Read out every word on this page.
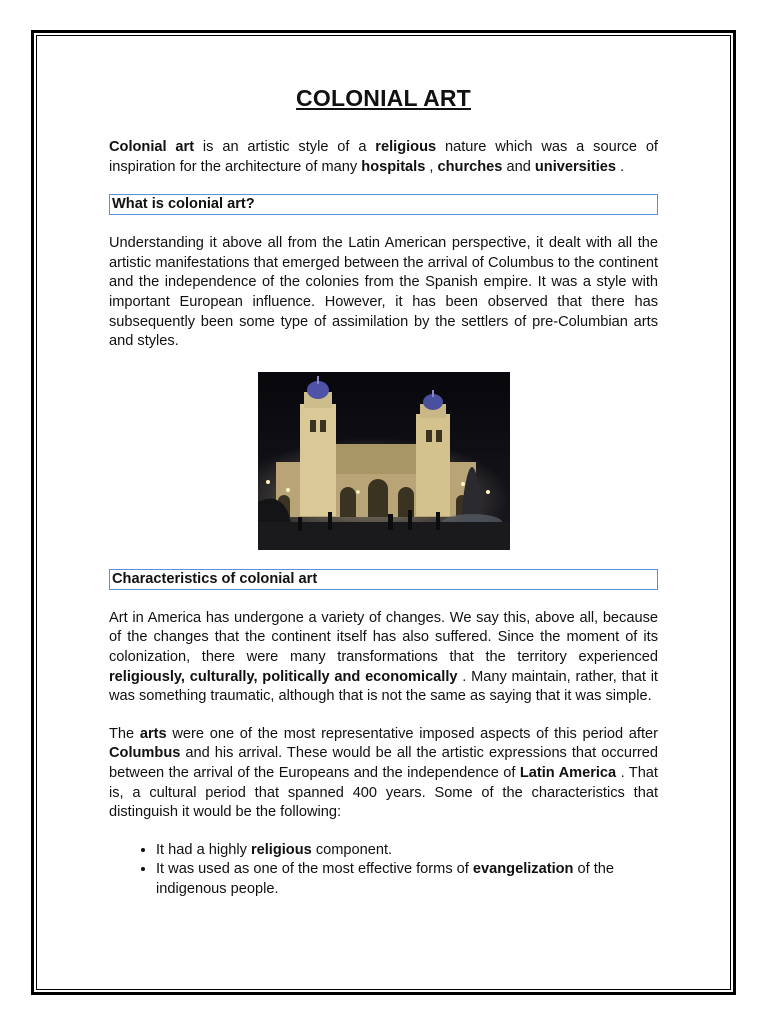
COLONIAL ART

Colonial art is an artistic style of a religious nature which was a source of inspiration for the architecture of many hospitals , churches and universities .

What is colonial art?

Understanding it above all from the Latin American perspective, it dealt with all the artistic manifestations that emerged between the arrival of Columbus to the continent and the independence of the colonies from the Spanish empire. It was a style with important European influence. However, it has been observed that there has subsequently been some type of assimilation by the settlers of pre-Columbian arts and styles.

Characteristics of colonial art

Art in America has undergone a variety of changes. We say this, above all, because of the changes that the continent itself has also suffered. Since the moment of its colonization, there were many transformations that the territory experienced religiously, culturally, politically and economically . Many maintain, rather, that it was something traumatic, although that is not the same as saying that it was simple.

The arts were one of the most representative imposed aspects of this period after Columbus and his arrival. These would be all the artistic expressions that occurred between the arrival of the Europeans and the independence of Latin America . That is, a cultural period that spanned 400 years. Some of the characteristics that distinguish it would be the following:

• It had a highly religious component.
• It was used as one of the most effective forms of evangelization of the indigenous people.
